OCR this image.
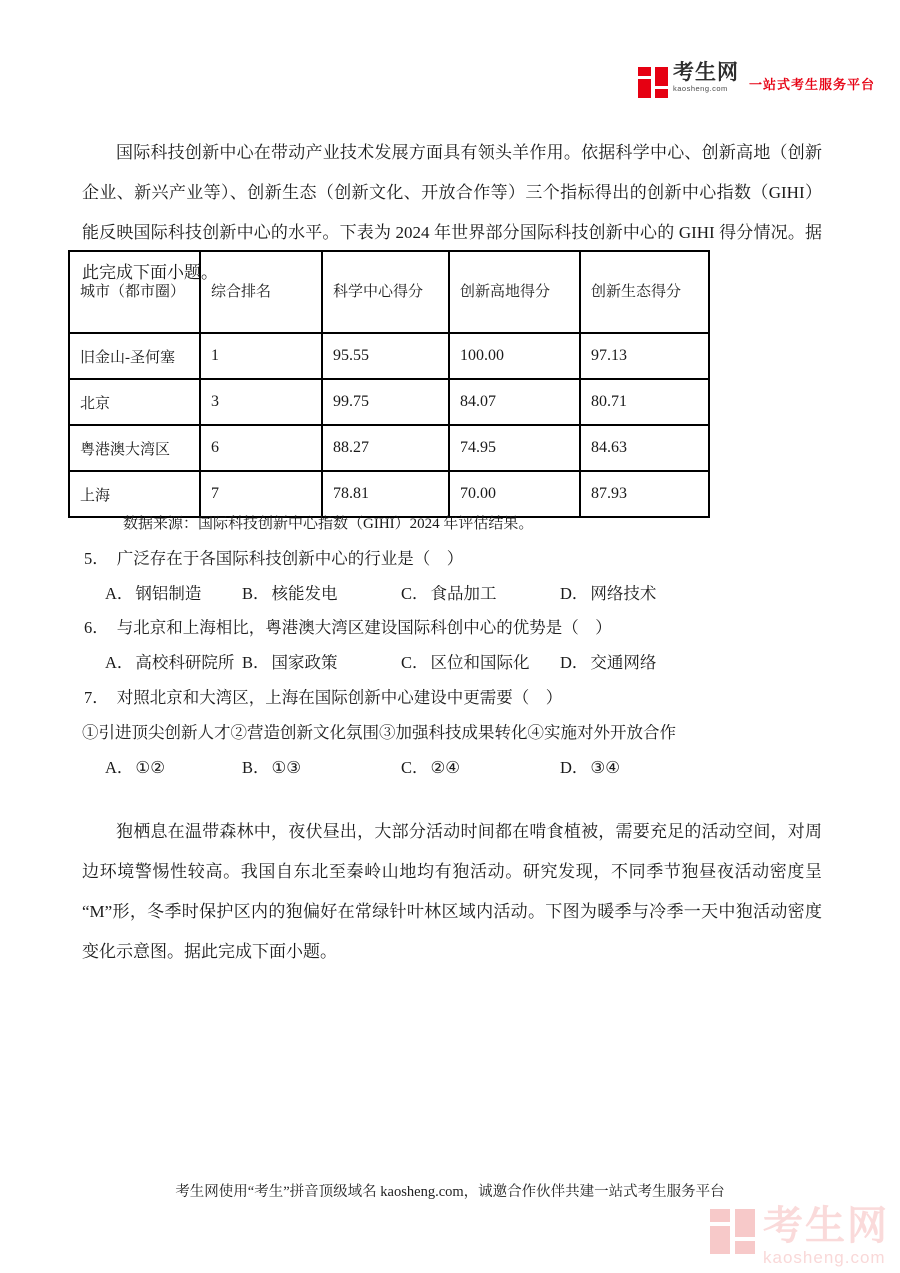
考生网
kaosheng.com	一站式考生服务平台

国际科技创新中心在带动产业技术发展方面具有领头羊作用。依据科学中心、创新高地（创新企业、新兴产业等）、创新生态（创新文化、开放合作等）三个指标得出的创新中心指数（GIHI）能反映国际科技创新中心的水平。下表为 2024 年世界部分国际科技创新中心的 GIHI 得分情况。据此完成下面小题。

城市（都市圈）	综合排名	科学中心得分	创新高地得分	创新生态得分
旧金山-圣何塞	1	95.55	100.00	97.13
北京	3	99.75	84.07	80.71
粤港澳大湾区	6	88.27	74.95	84.63
上海	7	78.81	70.00	87.93
数据来源：国际科技创新中心指数（GIHI）2024 年评估结果。
5． 广泛存在于各国际科技创新中心的行业是（　）
A． 钢铝制造	B． 核能发电	C． 食品加工	D． 网络技术
6． 与北京和上海相比，粤港澳大湾区建设国际科创中心的优势是（　）
A． 高校科研院所 B． 国家政策	C． 区位和国际化	D． 交通网络
7． 对照北京和大湾区，上海在国际创新中心建设中更需要（　）
①引进顶尖创新人才②营造创新文化氛围③加强科技成果转化④实施对外开放合作
A． ①②	B． ①③	C． ②④	D． ③④

狍栖息在温带森林中，夜伏昼出，大部分活动时间都在啃食植被，需要充足的活动空间，对周边环境警惕性较高。我国自东北至秦岭山地均有狍活动。研究发现，不同季节狍昼夜活动密度呈“M”形，冬季时保护区内的狍偏好在常绿针叶林区域内活动。下图为暖季与冷季一天中狍活动密度变化示意图。据此完成下面小题。

考生网使用“考生”拼音顶级域名 kaosheng.com，诚邀合作伙伴共建一站式考生服务平台
考生网
kaosheng.com
